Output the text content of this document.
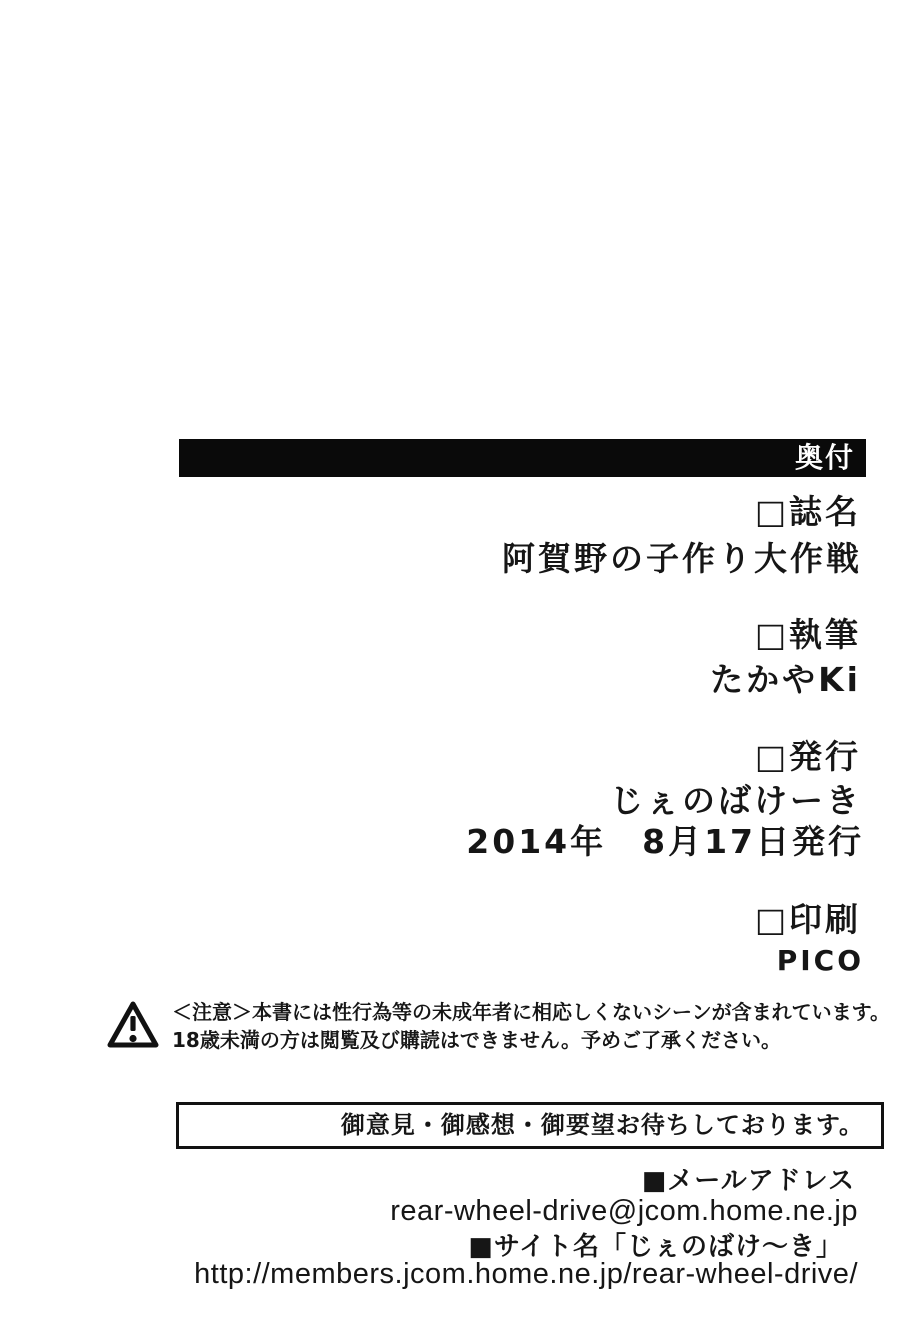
奥付
□誌名
阿賀野の子作り大作戦
□執筆
たかやKi
□発行
じぇのばけーき
2014年　8月17日発行
□印刷
PICO
＜注意＞本書には性行為等の未成年者に相応しくないシーンが含まれています。
18歳未満の方は閲覧及び購読はできません。予めご了承ください。
御意見・御感想・御要望お待ちしております。
■メールアドレス
rear-wheel-drive@jcom.home.ne.jp
■サイト名「じぇのばけ～き」
http://members.jcom.home.ne.jp/rear-wheel-drive/
